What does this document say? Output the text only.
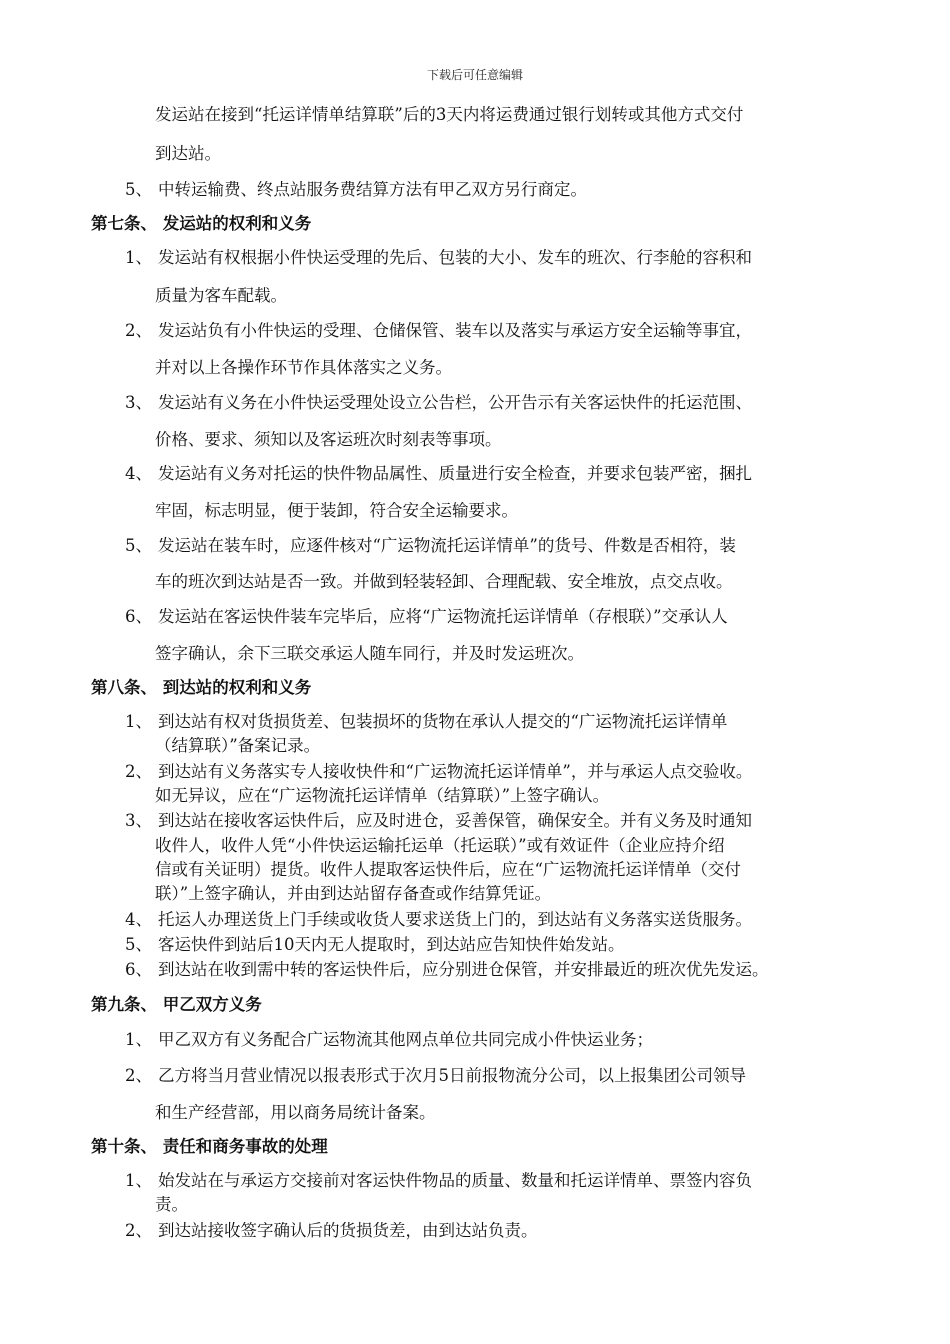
下载后可任意编辑
发运站在接到“托运详情单结算联”后的3天内将运费通过银行划转或其他方式交付
到达站。
5、 中转运输费、终点站服务费结算方法有甲乙双方另行商定。
第七条、 发运站的权利和义务
1、 发运站有权根据小件快运受理的先后、包装的大小、发车的班次、行李舱的容积和
质量为客车配载。
2、 发运站负有小件快运的受理、仓储保管、装车以及落实与承运方安全运输等事宜，
并对以上各操作环节作具体落实之义务。
3、 发运站有义务在小件快运受理处设立公告栏，公开告示有关客运快件的托运范围、
价格、要求、须知以及客运班次时刻表等事项。
4、 发运站有义务对托运的快件物品属性、质量进行安全检查，并要求包装严密，捆扎
牢固，标志明显，便于装卸，符合安全运输要求。
5、 发运站在装车时，应逐件核对“广运物流托运详情单”的货号、件数是否相符，装
车的班次到达站是否一致。并做到轻装轻卸、合理配载、安全堆放，点交点收。
6、 发运站在客运快件装车完毕后，应将“广运物流托运详情单（存根联）”交承认人
签字确认，余下三联交承运人随车同行，并及时发运班次。
第八条、 到达站的权利和义务
1、 到达站有权对货损货差、包装损坏的货物在承认人提交的“广运物流托运详情单
（结算联）”备案记录。
2、 到达站有义务落实专人接收快件和“广运物流托运详情单”，并与承运人点交验收。
如无异议，应在“广运物流托运详情单（结算联）”上签字确认。
3、 到达站在接收客运快件后，应及时进仓，妥善保管，确保安全。并有义务及时通知
收件人，收件人凭“小件快运运输托运单（托运联）”或有效证件（企业应持介绍
信或有关证明）提货。收件人提取客运快件后，应在“广运物流托运详情单（交付
联）”上签字确认，并由到达站留存备查或作结算凭证。
4、 托运人办理送货上门手续或收货人要求送货上门的，到达站有义务落实送货服务。
5、 客运快件到站后10天内无人提取时，到达站应告知快件始发站。
6、 到达站在收到需中转的客运快件后，应分别进仓保管，并安排最近的班次优先发运。
第九条、 甲乙双方义务
1、 甲乙双方有义务配合广运物流其他网点单位共同完成小件快运业务；
2、 乙方将当月营业情况以报表形式于次月5日前报物流分公司，以上报集团公司领导
和生产经营部，用以商务局统计备案。
第十条、 责任和商务事故的处理
1、 始发站在与承运方交接前对客运快件物品的质量、数量和托运详情单、票签内容负
责。
2、 到达站接收签字确认后的货损货差，由到达站负责。
